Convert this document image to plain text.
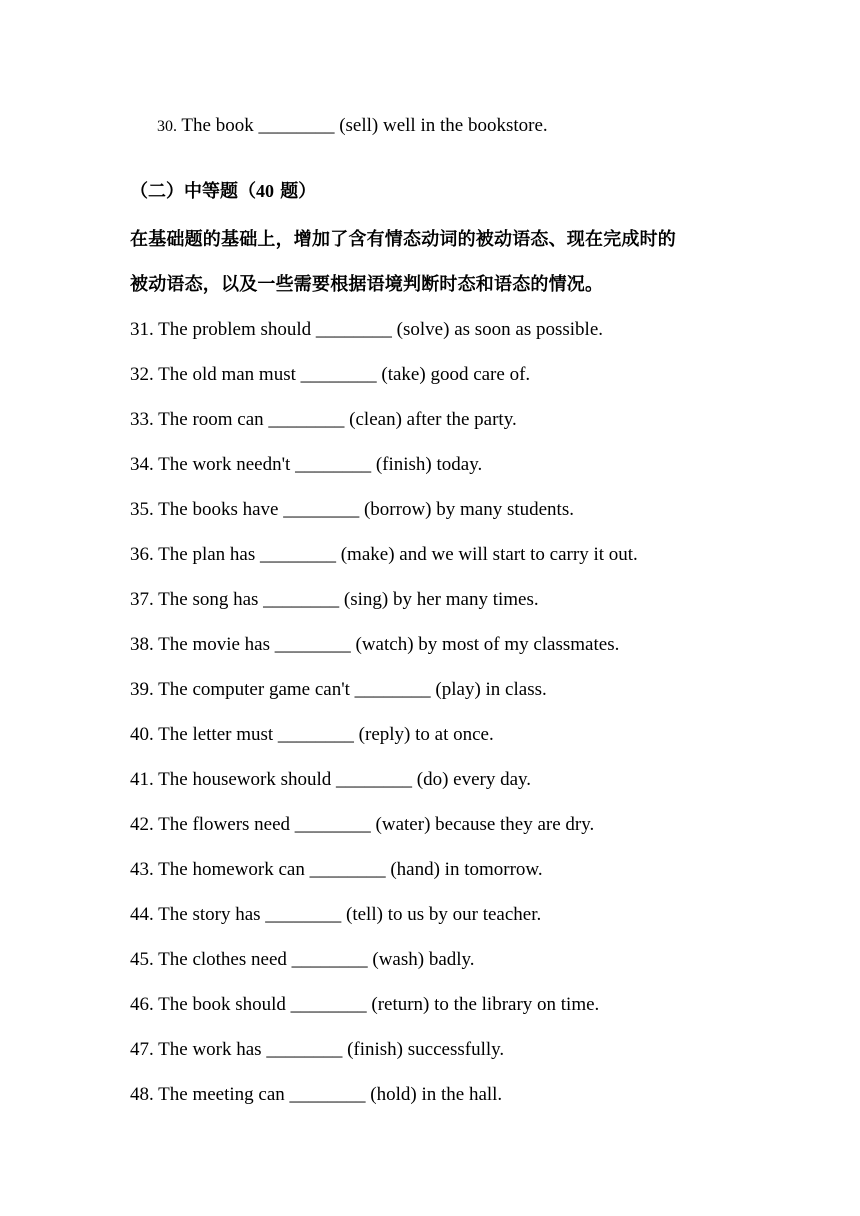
30. The book ________ (sell) well in the bookstore.
（二）中等题（40 题）
在基础题的基础上，增加了含有情态动词的被动语态、现在完成时的
被动语态，以及一些需要根据语境判断时态和语态的情况。
31. The problem should ________ (solve) as soon as possible.
32. The old man must ________ (take) good care of.
33. The room can ________ (clean) after the party.
34. The work needn't ________ (finish) today.
35. The books have ________ (borrow) by many students.
36. The plan has ________ (make) and we will start to carry it out.
37. The song has ________ (sing) by her many times.
38. The movie has ________ (watch) by most of my classmates.
39. The computer game can't ________ (play) in class.
40. The letter must ________ (reply) to at once.
41. The housework should ________ (do) every day.
42. The flowers need ________ (water) because they are dry.
43. The homework can ________ (hand) in tomorrow.
44. The story has ________ (tell) to us by our teacher.
45. The clothes need ________ (wash) badly.
46. The book should ________ (return) to the library on time.
47. The work has ________ (finish) successfully.
48. The meeting can ________ (hold) in the hall.
